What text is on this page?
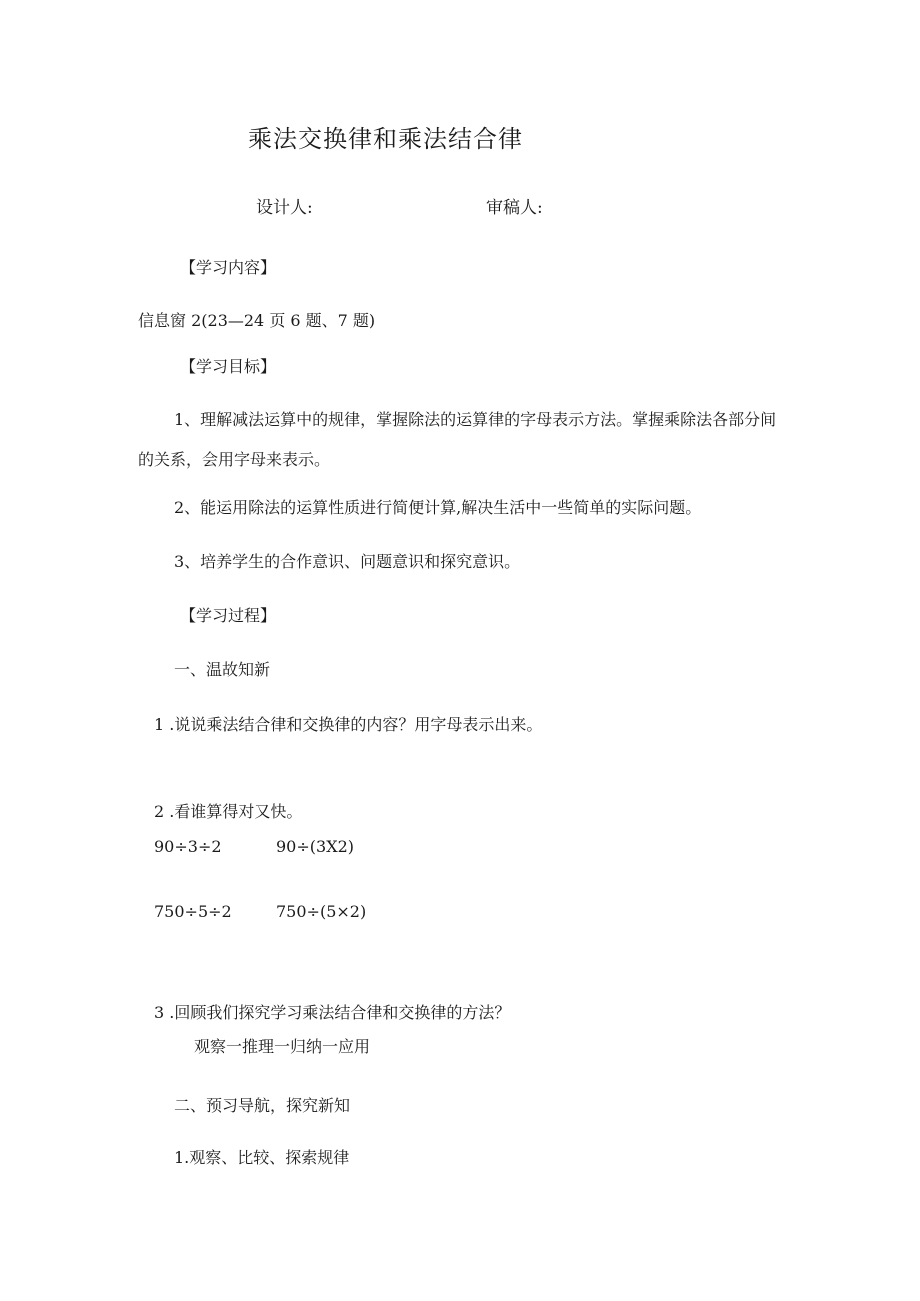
乘法交换律和乘法结合律
设计人:	审稿人:
【学习内容】
信息窗 2(23—24 页 6 题、7 题)
【学习目标】
1、理解减法运算中的规律，掌握除法的运算律的字母表示方法。掌握乘除法各部分间的关系，会用字母来表示。
2、能运用除法的运算性质进行简便计算,解决生活中一些简单的实际问题。
3、培养学生的合作意识、问题意识和探究意识。
【学习过程】
一、温故知新
1 .说说乘法结合律和交换律的内容？用字母表示出来。
2 .看谁算得对又快。
90÷3÷2	90÷(3X2)
750÷5÷2	750÷(5×2)
3 .回顾我们探究学习乘法结合律和交换律的方法？
观察一推理一归纳一应用
二、预习导航，探究新知
1.观察、比较、探索规律
